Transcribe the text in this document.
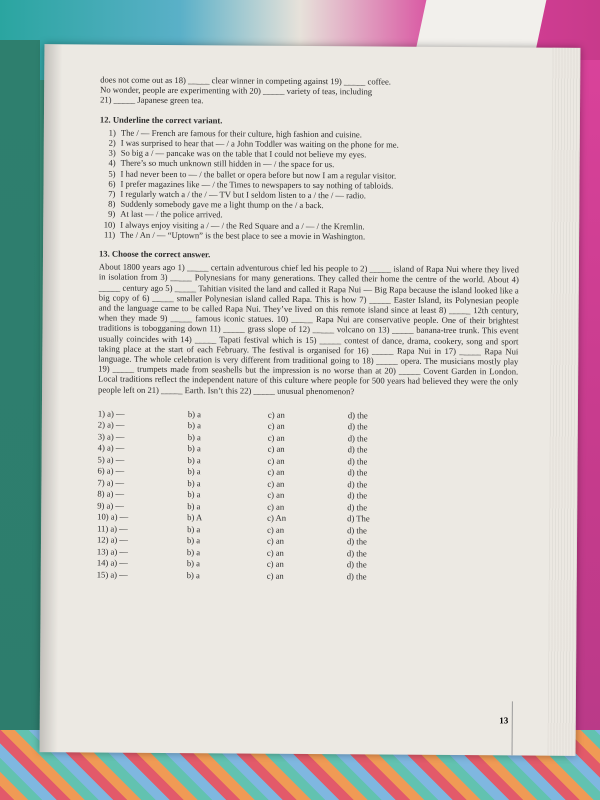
does not come out as 18) _____ clear winner in competing against 19) _____ coffee.

No wonder, people are experimenting with 20) _____ variety of teas, including

21) _____ Japanese green tea.

12. Underline the correct variant.

1) The / — French are famous for their culture, high fashion and cuisine.
2) I was surprised to hear that — / a John Toddler was waiting on the phone for me.
3) So big a / — pancake was on the table that I could not believe my eyes.
4) There’s so much unknown still hidden in — / the space for us.
5) I had never been to — / the ballet or opera before but now I am a regular visitor.
6) I prefer magazines like — / the Times to newspapers to say nothing of tabloids.
7) I regularly watch a / the / — TV but I seldom listen to a / the / — radio.
8) Suddenly somebody gave me a light thump on the / a back.
9) At last — / the police arrived.
10) I always enjoy visiting a / — / the Red Square and a / — / the Kremlin.
11) The / An / — “Uptown” is the best place to see a movie in Washington.

13. Choose the correct answer.

About 1800 years ago 1) _____ certain adventurous chief led his people to 2) _____ island of Rapa Nui where they lived in isolation from 3) _____ Polynesians for many generations. They called their home the centre of the world. About 4) _____ century ago 5) _____ Tahitian visited the land and called it Rapa Nui — Big Rapa because the island looked like a big copy of 6) _____ smaller Polynesian island called Rapa. This is how 7) _____ Easter Island, its Polynesian people and the language came to be called Rapa Nui. They’ve lived on this remote island since at least 8) _____ 12th century, when they made 9) _____ famous iconic statues. 10) _____ Rapa Nui are conservative people. One of their brightest traditions is tobogganing down 11) _____ grass slope of 12) _____ volcano on 13) _____ banana-tree trunk. This event usually coincides with 14) _____ Tapati festival which is 15) _____ contest of dance, drama, cookery, song and sport taking place at the start of each February. The festival is organised for 16) _____ Rapa Nui in 17) _____ Rapa Nui language. The whole celebration is very different from traditional going to 18) _____ opera. The musicians mostly play 19) _____ trumpets made from seashells but the impression is no worse than at 20) _____ Covent Garden in London. Local traditions reflect the independent nature of this culture where people for 500 years had believed they were the only people left on 21) _____ Earth. Isn’t this 22) _____ unusual phenomenon?

1) a) —	b) a	c) an	d) the
2) a) —	b) a	c) an	d) the
3) a) —	b) a	c) an	d) the
4) a) —	b) a	c) an	d) the
5) a) —	b) a	c) an	d) the
6) a) —	b) a	c) an	d) the
7) a) —	b) a	c) an	d) the
8) a) —	b) a	c) an	d) the
9) a) —	b) a	c) an	d) the
10) a) —	b) A	c) An	d) The
11) a) —	b) a	c) an	d) the
12) a) —	b) a	c) an	d) the
13) a) —	b) a	c) an	d) the
14) a) —	b) a	c) an	d) the
15) a) —	b) a	c) an	d) the
13
